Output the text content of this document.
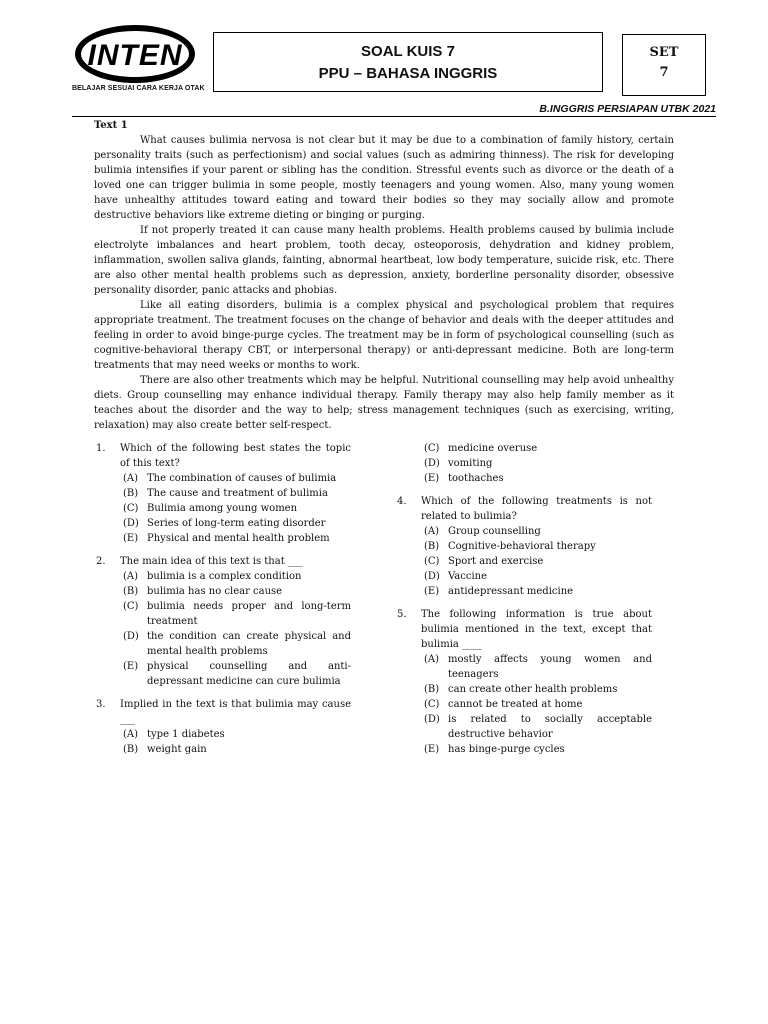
INTEN
BELAJAR SESUAI CARA KERJA OTAK
SOAL KUIS 7
PPU – BAHASA INGGRIS
SET
7
B.INGGRIS PERSIAPAN UTBK 2021
Text 1

What causes bulimia nervosa is not clear but it may be due to a combination of family history, certain personality traits (such as perfectionism) and social values (such as admiring thinness). The risk for developing bulimia intensifies if your parent or sibling has the condition. Stressful events such as divorce or the death of a loved one can trigger bulimia in some people, mostly teenagers and young women. Also, many young women have unhealthy attitudes toward eating and toward their bodies so they may socially allow and promote destructive behaviors like extreme dieting or binging or purging.

If not properly treated it can cause many health problems. Health problems caused by bulimia include electrolyte imbalances and heart problem, tooth decay, osteoporosis, dehydration and kidney problem, inflammation, swollen saliva glands, fainting, abnormal heartbeat, low body temperature, suicide risk, etc. There are also other mental health problems such as depression, anxiety, borderline personality disorder, obsessive personality disorder, panic attacks and phobias.

Like all eating disorders, bulimia is a complex physical and psychological problem that requires appropriate treatment. The treatment focuses on the change of behavior and deals with the deeper attitudes and feeling in order to avoid binge-purge cycles. The treatment may be in form of psychological counselling (such as cognitive-behavioral therapy CBT, or interpersonal therapy) or anti-depressant medicine. Both are long-term treatments that may need weeks or months to work.

There are also other treatments which may be helpful. Nutritional counselling may help avoid unhealthy diets. Group counselling may enhance individual therapy. Family therapy may also help family member as it teaches about the disorder and the way to help; stress management techniques (such as exercising, writing, relaxation) may also create better self-respect.

1.	Which of the following best states the topic of this text?
(A) The combination of causes of bulimia
(B) The cause and treatment of bulimia
(C) Bulimia among young women
(D) Series of long-term eating disorder
(E) Physical and mental health problem
2.	The main idea of this text is that ___
(A) bulimia is a complex condition
(B) bulimia has no clear cause
(C) bulimia needs proper and long-term treatment
(D) the condition can create physical and mental health problems
(E) physical counselling and anti-depressant medicine can cure bulimia
3.	Implied in the text is that bulimia may cause ___
(A) type 1 diabetes
(B) weight gain
(C) medicine overuse
(D) vomiting
(E) toothaches
4.	Which of the following treatments is not related to bulimia?
(A) Group counselling
(B) Cognitive-behavioral therapy
(C) Sport and exercise
(D) Vaccine
(E) antidepressant medicine
5.	The following information is true about bulimia mentioned in the text, except that bulimia ____
(A) mostly affects young women and teenagers
(B) can create other health problems
(C) cannot be treated at home
(D) is related to socially acceptable destructive behavior
(E) has binge-purge cycles
